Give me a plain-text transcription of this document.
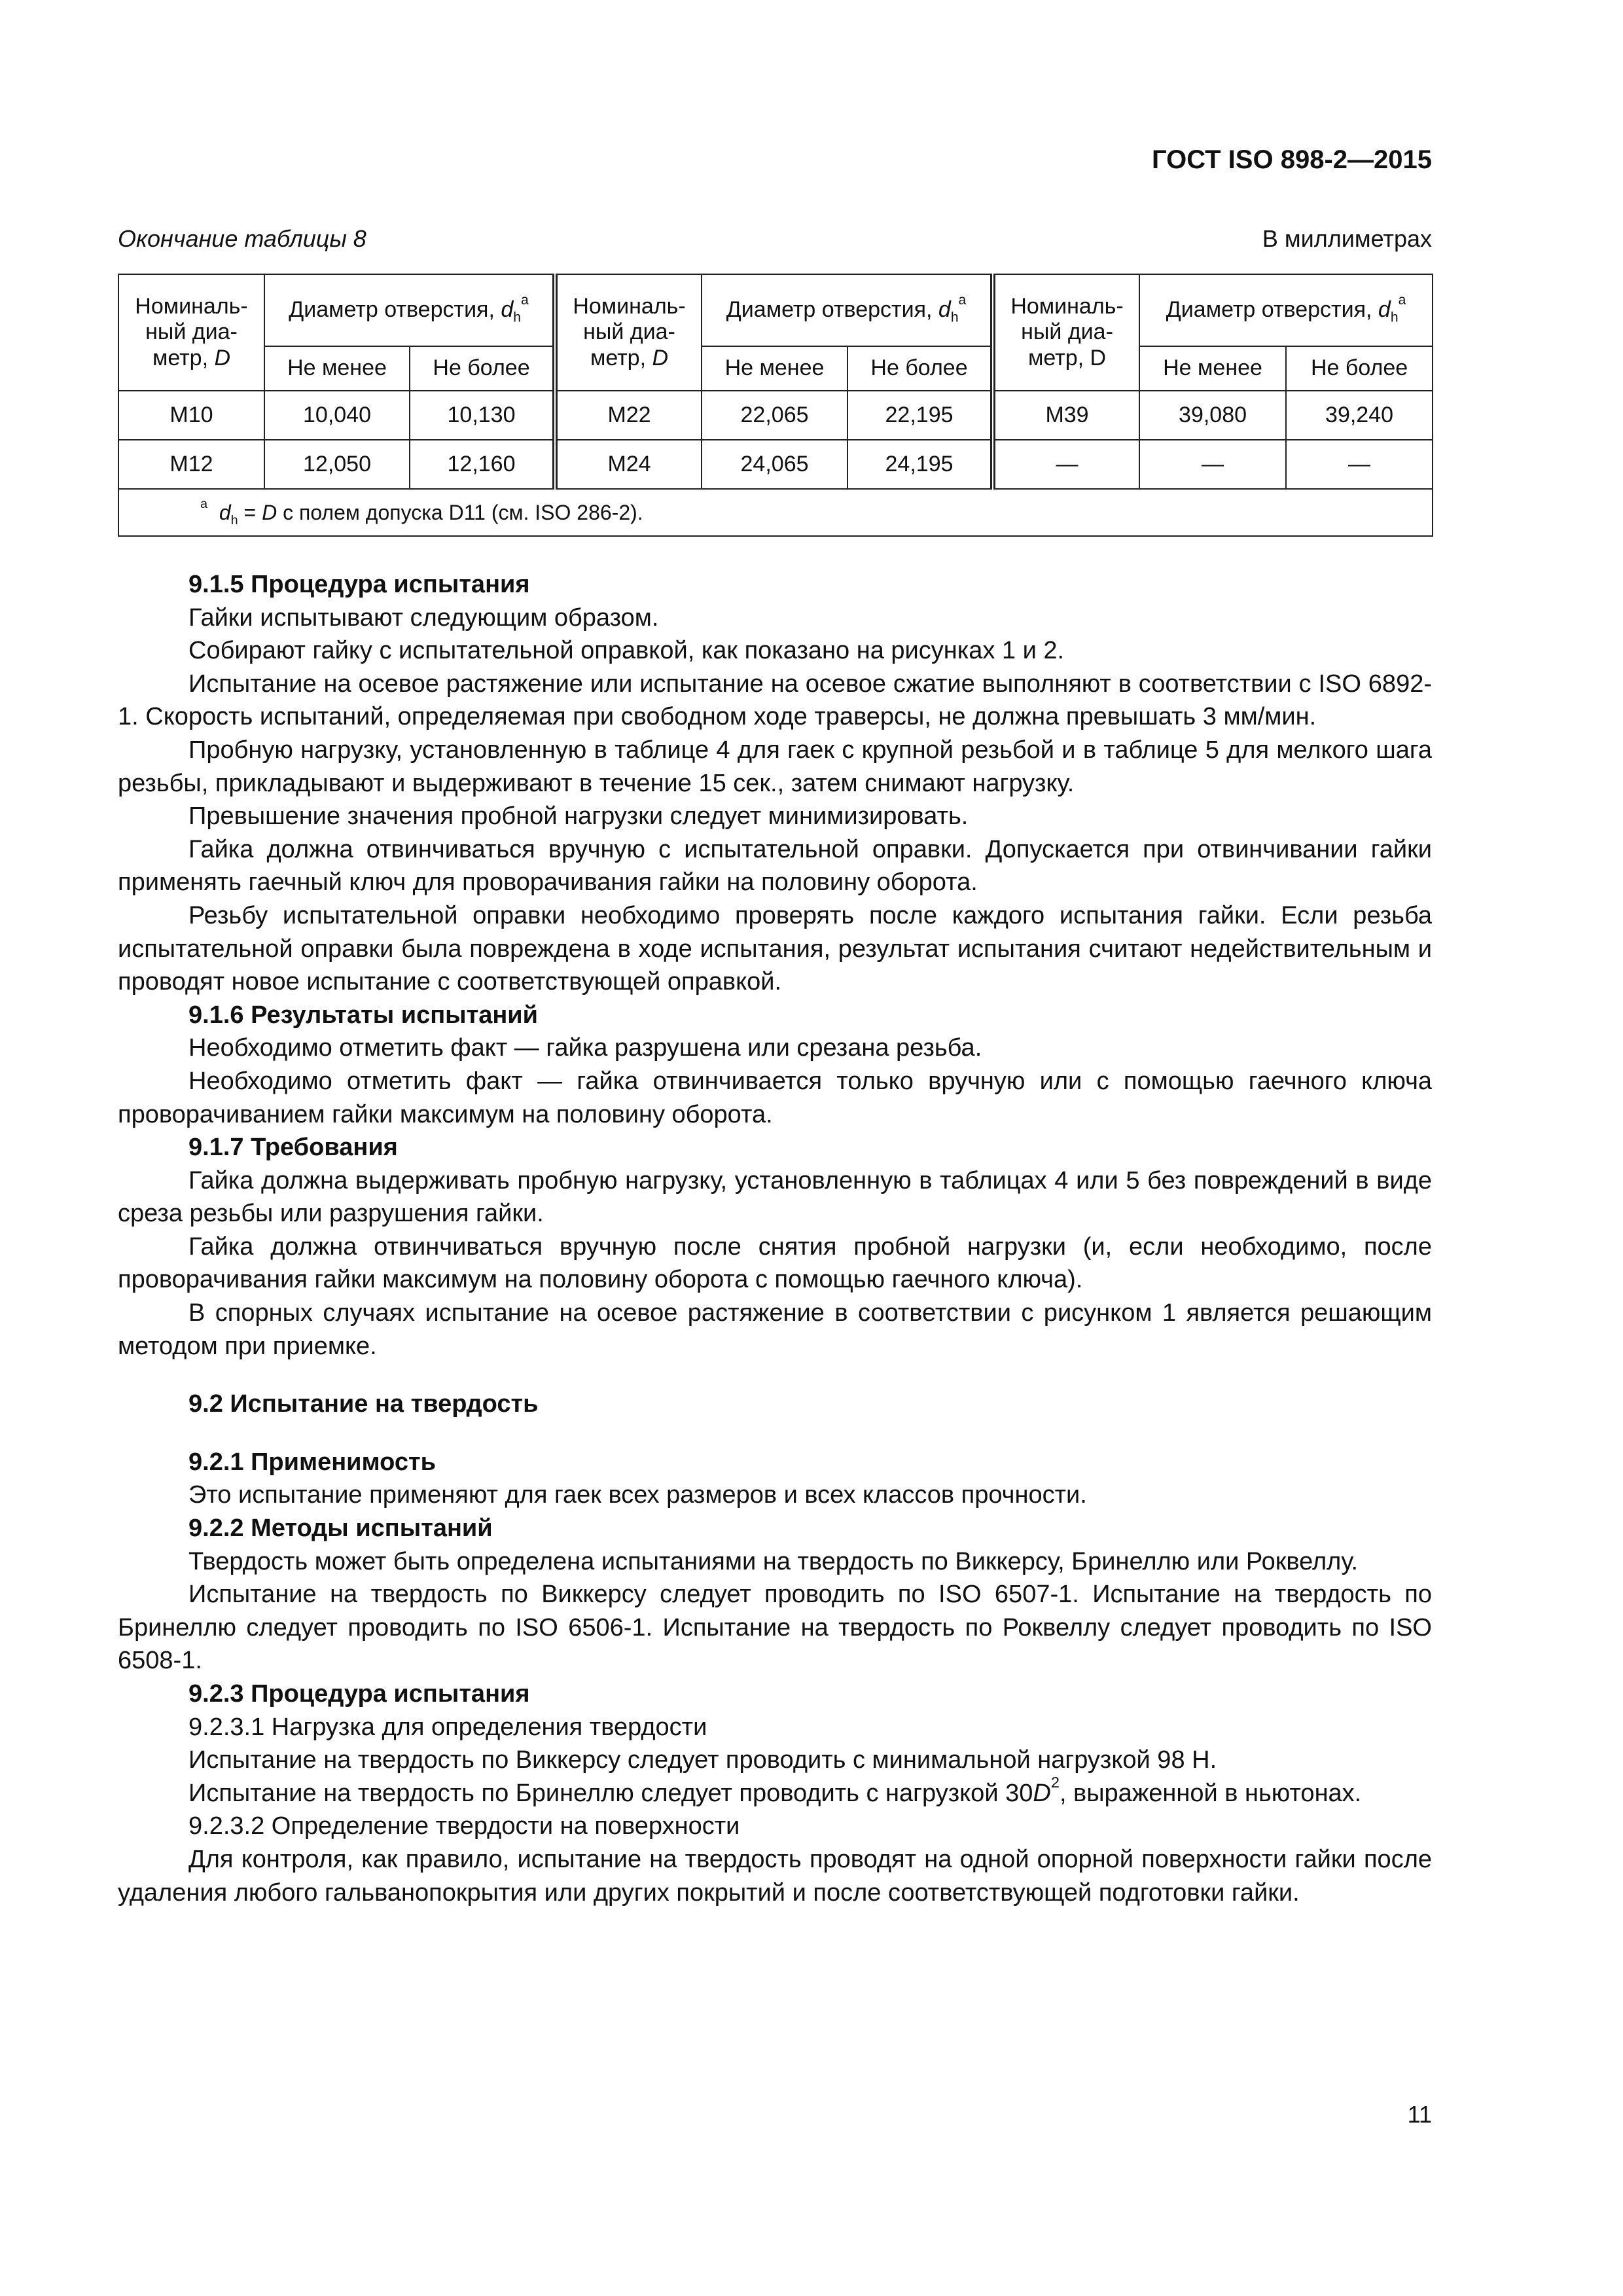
ГОСТ ISO 898-2—2015
Окончание таблицы 8	В миллиметрах
Номиналь-ный диа-метр, D	Диаметр отверстия, $d_h^a$		Номиналь-ный диа-метр, D	Диаметр отверстия, $d_h^a$		Номиналь-ный диа-метр, D	Диаметр отверстия, $d_h^a$
	Не менее	Не более		Не менее	Не более		Не менее	Не более
M10	10,040	10,130	M22	22,065	22,195	M39	39,080	39,240
M12	12,050	12,160	M24	24,065	24,195	—	—	—
$^a$ $d_h = D$ с полем допуска D11 (см. ISO 286-2).								

9.1.5 Процедура испытания

Гайки испытывают следующим образом.

Собирают гайку с испытательной оправкой, как показано на рисунках 1 и 2.

Испытание на осевое растяжение или испытание на осевое сжатие выполняют в соответствии с ISO 6892-1. Скорость испытаний, определяемая при свободном ходе траверсы, не должна превышать 3 мм/мин.

Пробную нагрузку, установленную в таблице 4 для гаек с крупной резьбой и в таблице 5 для мелкого шага резьбы, прикладывают и выдерживают в течение 15 сек., затем снимают нагрузку.

Превышение значения пробной нагрузки следует минимизировать.

Гайка должна отвинчиваться вручную с испытательной оправки. Допускается при отвинчивании гайки применять гаечный ключ для проворачивания гайки на половину оборота.

Резьбу испытательной оправки необходимо проверять после каждого испытания гайки. Если резьба испытательной оправки была повреждена в ходе испытания, результат испытания считают недействительным и проводят новое испытание с соответствующей оправкой.

9.1.6 Результаты испытаний

Необходимо отметить факт — гайка разрушена или срезана резьба.

Необходимо отметить факт — гайка отвинчивается только вручную или с помощью гаечного ключа проворачиванием гайки максимум на половину оборота.

9.1.7 Требования

Гайка должна выдерживать пробную нагрузку, установленную в таблицах 4 или 5 без повреждений в виде среза резьбы или разрушения гайки.

Гайка должна отвинчиваться вручную после снятия пробной нагрузки (и, если необходимо, после проворачивания гайки максимум на половину оборота с помощью гаечного ключа).

В спорных случаях испытание на осевое растяжение в соответствии с рисунком 1 является решающим методом при приемке.

9.2 Испытание на твердость

9.2.1 Применимость

Это испытание применяют для гаек всех размеров и всех классов прочности.

9.2.2 Методы испытаний

Твердость может быть определена испытаниями на твердость по Виккерсу, Бринеллю или Роквеллу.

Испытание на твердость по Виккерсу следует проводить по ISO 6507-1. Испытание на твердость по Бринеллю следует проводить по ISO 6506-1. Испытание на твердость по Роквеллу следует проводить по ISO 6508-1.

9.2.3 Процедура испытания

9.2.3.1 Нагрузка для определения твердости

Испытание на твердость по Виккерсу следует проводить с минимальной нагрузкой 98 Н.

Испытание на твердость по Бринеллю следует проводить с нагрузкой $30D^2$, выраженной в ньютонах.

9.2.3.2 Определение твердости на поверхности

Для контроля, как правило, испытание на твердость проводят на одной опорной поверхности гайки после удаления любого гальванопокрытия или других покрытий и после соответствующей подготовки гайки.

11
